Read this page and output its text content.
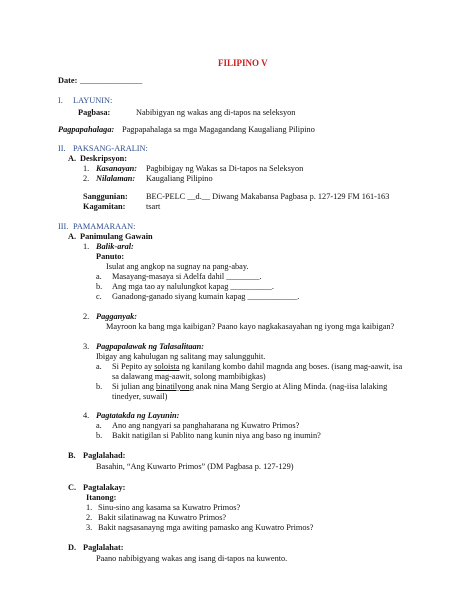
FILIPINO V
Date: _______________
I. LAYUNIN:
Pagbasa:	Nabibigyan ng wakas ang di-tapos na seleksyon
Pagpapahalaga: Pagpapahalaga sa mga Magagandang Kaugaliang Pilipino
II. PAKSANG-ARALIN:
A. Deskripsyon:
1. Kasanayan: Pagbibigay ng Wakas sa Di-tapos na Seleksyon
2. Nilalaman: Kaugaliang Pilipino
Sanggunian: BEC-PELC __d.__ Diwang Makabansa Pagbasa p. 127-129 FM 161-163
Kagamitan: tsart
III. PAMAMARAAN:
A. Panimulang Gawain
1. Balik-aral:
Panuto:
Isulat ang angkop na sugnay na pang-abay.
a. Masayang-masaya si Adelfa dahil ________.
b. Ang mga tao ay nalulungkot kapag __________.
c. Ganadong-ganado siyang kumain kapag ____________.
2. Pagganyak:
Mayroon ka bang mga kaibigan? Paano kayo nagkakasayahan ng iyong mga kaibigan?
3. Pagpapalawak ng Talasalitaan:
Ibigay ang kahulugan ng salitang may salungguhit.
a. Si Pepito ay soloista ng kanilang kombo dahil magnda ang boses. (isang mag-aawit, isa
sa dalawang mag-aawit, solong mambibigkas)
b. Si julian ang binatilyong anak nina Mang Sergio at Aling Minda. (nag-iisa lalaking
tinedyer, suwail)
4. Pagtatakda ng Layunin:
a. Ano ang nangyari sa panghaharana ng Kuwatro Primos?
b. Bakit natigilan si Pablito nang kunin niya ang baso ng inumin?
B. Paglalahad:
Basahin, “Ang Kuwarto Primos” (DM Pagbasa p. 127-129)
C. Pagtalakay:
Itanong:
1. Sinu-sino ang kasama sa Kuwatro Primos?
2. Bakit silatinawag na Kuwatro Primos?
3. Bakit nagsasanayng mga awiting pamasko ang Kuwatro Primos?
D. Paglalahat:
Paano nabibigyang wakas ang isang di-tapos na kuwento.
